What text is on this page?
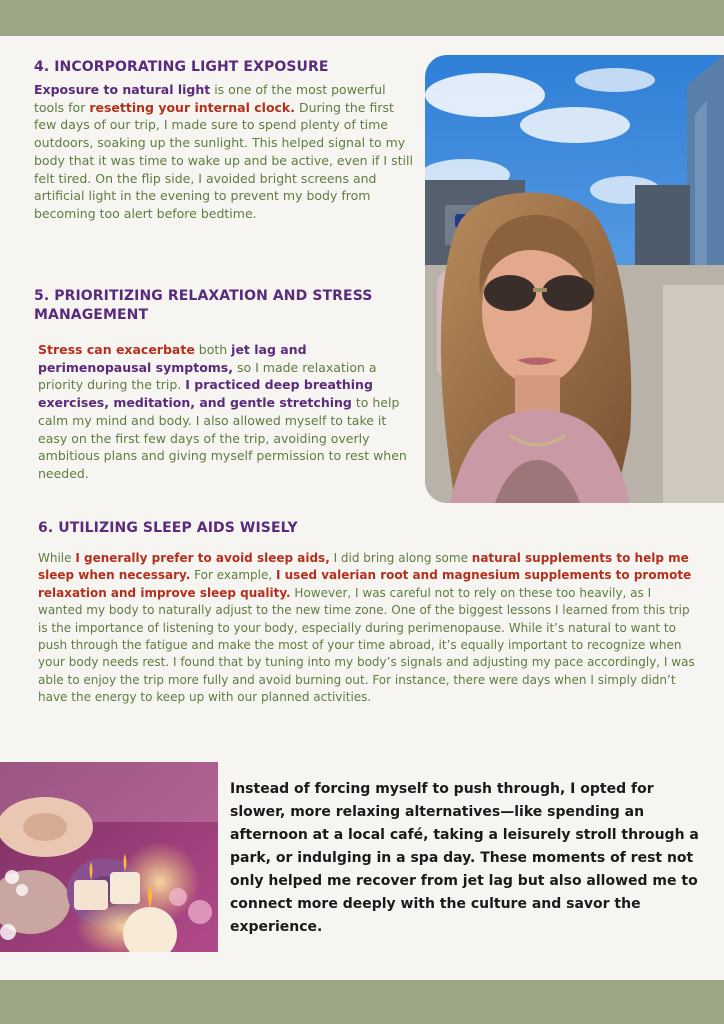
4. INCORPORATING LIGHT EXPOSURE

Exposure to natural light is one of the most powerful tools for resetting your internal clock. During the first few days of our trip, I made sure to spend plenty of time outdoors, soaking up the sunlight. This helped signal to my body that it was time to wake up and be active, even if I still felt tired. On the flip side, I avoided bright screens and artificial light in the evening to prevent my body from becoming too alert before bedtime.

5. PRIORITIZING RELAXATION AND STRESS MANAGEMENT

Stress can exacerbate both jet lag and perimenopausal symptoms, so I made relaxation a priority during the trip. I practiced deep breathing exercises, meditation, and gentle stretching to help calm my mind and body. I also allowed myself to take it easy on the first few days of the trip, avoiding overly ambitious plans and giving myself permission to rest when needed.

6. UTILIZING SLEEP AIDS WISELY

While I generally prefer to avoid sleep aids, I did bring along some natural supplements to help me sleep when necessary. For example, I used valerian root and magnesium supplements to promote relaxation and improve sleep quality. However, I was careful not to rely on these too heavily, as I wanted my body to naturally adjust to the new time zone. One of the biggest lessons I learned from this trip is the importance of listening to your body, especially during perimenopause. While it’s natural to want to push through the fatigue and make the most of your time abroad, it’s equally important to recognize when your body needs rest. I found that by tuning into my body’s signals and adjusting my pace accordingly, I was able to enjoy the trip more fully and avoid burning out. For instance, there were days when I simply didn’t have the energy to keep up with our planned activities.

Instead of forcing myself to push through, I opted for slower, more relaxing alternatives—like spending an afternoon at a local café, taking a leisurely stroll through a park, or indulging in a spa day. These moments of rest not only helped me recover from jet lag but also allowed me to connect more deeply with the culture and savor the experience.
